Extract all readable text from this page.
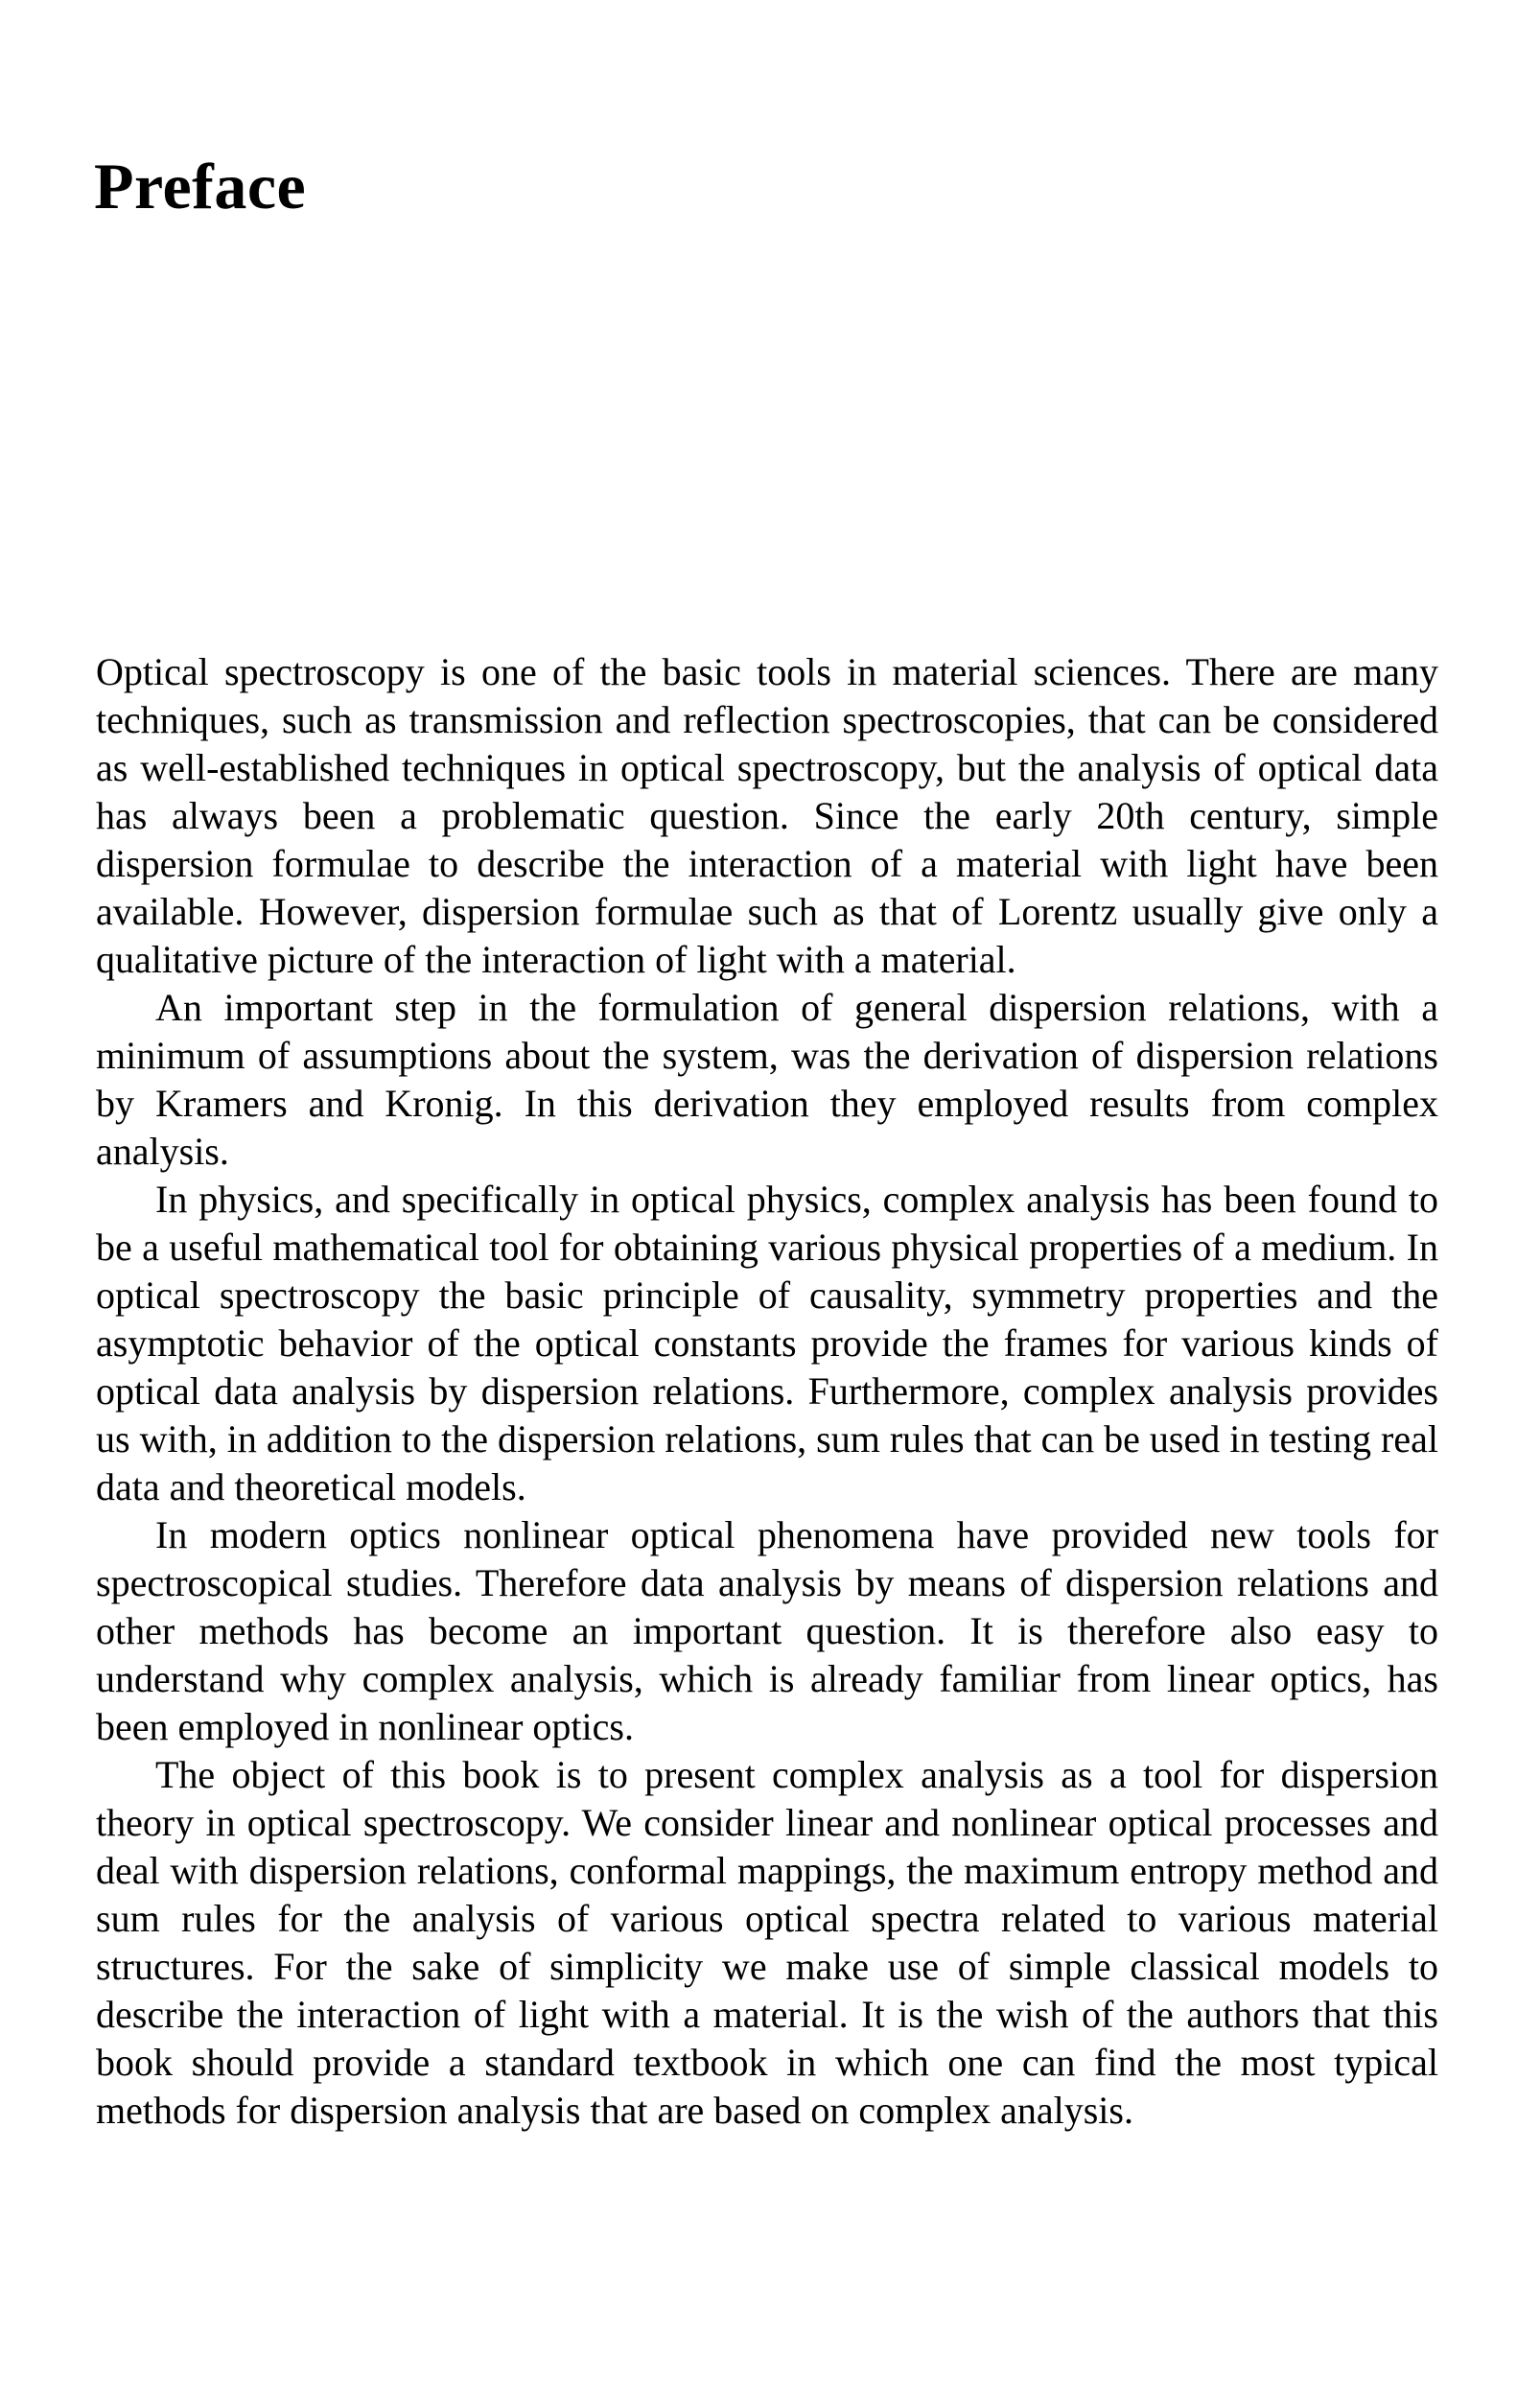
Preface

Optical spectroscopy is one of the basic tools in material sciences. There are many techniques, such as transmission and reflection spectroscopies, that can be considered as well-established techniques in optical spectroscopy, but the analysis of optical data has always been a problematic question. Since the early 20th century, simple dispersion formulae to describe the interaction of a material with light have been available. However, dispersion formulae such as that of Lorentz usually give only a qualitative picture of the interaction of light with a material.

An important step in the formulation of general dispersion relations, with a minimum of assumptions about the system, was the derivation of dispersion relations by Kramers and Kronig. In this derivation they employed results from complex analysis.

In physics, and specifically in optical physics, complex analysis has been found to be a useful mathematical tool for obtaining various physical properties of a medium. In optical spectroscopy the basic principle of causality, symmetry properties and the asymptotic behavior of the optical constants provide the frames for various kinds of optical data analysis by dispersion relations. Furthermore, complex analysis provides us with, in addition to the dispersion relations, sum rules that can be used in testing real data and theoretical models.

In modern optics nonlinear optical phenomena have provided new tools for spectroscopical studies. Therefore data analysis by means of dispersion relations and other methods has become an important question. It is therefore also easy to understand why complex analysis, which is already familiar from linear optics, has been employed in nonlinear optics.

The object of this book is to present complex analysis as a tool for dispersion theory in optical spectroscopy. We consider linear and nonlinear optical processes and deal with dispersion relations, conformal mappings, the maximum entropy method and sum rules for the analysis of various optical spectra related to various material structures. For the sake of simplicity we make use of simple classical models to describe the interaction of light with a material. It is the wish of the authors that this book should provide a standard textbook in which one can find the most typical methods for dispersion analysis that are based on complex analysis.
